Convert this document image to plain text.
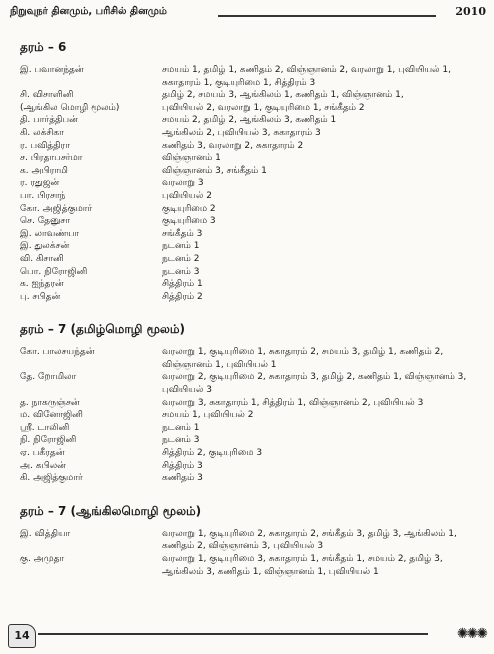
நிறுவுநர் தினமும், பரிசில் தினமும்	2010
தரம் – 6
இ. பவானந்தன்	சமயம் 1, தமிழ் 1, கணிதம் 2, விஞ்ஞானம் 2, வரலாறு 1, புவியியல் 1, சுகாதாரம் 1, குடியுரிமை 1, சித்திரம் 3
சி. விசாளினி	தமிழ் 2, சமயம் 3, ஆங்கிலம் 1, கணிதம் 1, விஞ்ஞானம் 1,
(ஆங்கில மொழி மூலம்)	புவியியல் 2, வரலாறு 1, குடியுரிமை 1, சங்கீதம் 2
தி. பார்த்திபன்	சமயம் 2, தமிழ் 2, ஆங்கிலம் 3, கணிதம் 1
கி. லக்சிகா	ஆங்கிலம் 2, புவியியல் 3, சுகாதாரம் 3
ர. பவித்திரா	கணிதம் 3, வரலாறு 2, சுகாதாரம் 2
ச. பிரதாபசர்மா	விஞ்ஞானம் 1
க. அபிராமி	விஞ்ஞானம் 3, சங்கீதம் 1
ர. ரதுஜன்	வரலாறு 3
பா. பிரசாந்	புவியியல் 2
கோ. அஜித்குமார்	குடியுரிமை 2
செ. தேனுசா	குடியுரிமை 3
இ. லாவண்யா	சங்கீதம் 3
இ. துலக்சன்	நடனம் 1
வி. கிசானி	நடனம் 2
பொ. நிரோஜினி	நடனம் 3
க. ஐந்தரன்	சித்திரம் 1
பு. சபிதன்	சித்திரம் 2
தரம் – 7 (தமிழ்மொழி மூலம்)
கோ. பாலசயந்தன்	வரலாறு 1, குடியுரிமை 1, சுகாதாரம் 2, சமயம் 3, தமிழ் 1, கணிதம் 2, விஞ்ஞானம் 1, புவியியல் 1
தே. றோமிலா	வரலாறு 2, குடியுரிமை 2, சுகாதாரம் 3, தமிழ் 2, கணிதம் 1, விஞ்ஞானம் 3, புவியியல் 3
த. நாகருஞ்சன்	வரலாறு 3, சுகாதாரம் 1, சித்திரம் 1, விஞ்ஞானம் 2, புவியியல் 3
ம. வினோஜினி	சமயம் 1, புவியியல் 2
ஸ்ரீ. டாலினி	நடனம் 1
நி. நிரோஜினி	நடனம் 3
ஏ. பகீரதன்	சித்திரம் 2, குடியுரிமை 3
அ. கபிலன்	சித்திரம் 3
கி. அஜித்குமார்	கணிதம் 3
தரம் – 7 (ஆங்கிலமொழி மூலம்)
இ. வித்தியா	வரலாறு 1, குடியுரிமை 2, சுகாதாரம் 2, சங்கீதம் 3, தமிழ் 3, ஆங்கிலம் 1, கணிதம் 2, விஞ்ஞானம் 3, புவியியல் 3
கு. அமுதா	வரலாறு 1, குடியுரிமை 3, சுகாதாரம் 1, சங்கீதம் 1, சமயம் 2, தமிழ் 3, ஆங்கிலம் 3, கணிதம் 1, விஞ்ஞானம் 1, புவியியல் 1
14	✺✺✺
